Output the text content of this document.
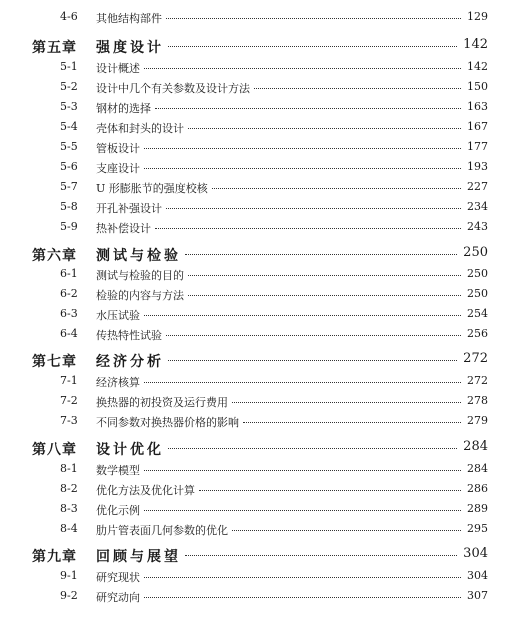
4-6 其他结构部件	129
第五章 强度设计	142
5-1 设计概述	142
5-2 设计中几个有关参数及设计方法	150
5-3 钢材的选择	163
5-4 壳体和封头的设计	167
5-5 管板设计	177
5-6 支座设计	193
5-7 U 形膨胀节的强度校核	227
5-8 开孔补强设计	234
5-9 热补偿设计	243
第六章 测试与检验	250
6-1 测试与检验的目的	250
6-2 检验的内容与方法	250
6-3 水压试验	254
6-4 传热特性试验	256
第七章 经济分析	272
7-1 经济核算	272
7-2 换热器的初投资及运行费用	278
7-3 不同参数对换热器价格的影响	279
第八章 设计优化	284
8-1 数学模型	284
8-2 优化方法及优化计算	286
8-3 优化示例	289
8-4 肋片管表面几何参数的优化	295
第九章 回顾与展望	304
9-1 研究现状	304
9-2 研究动向	307
